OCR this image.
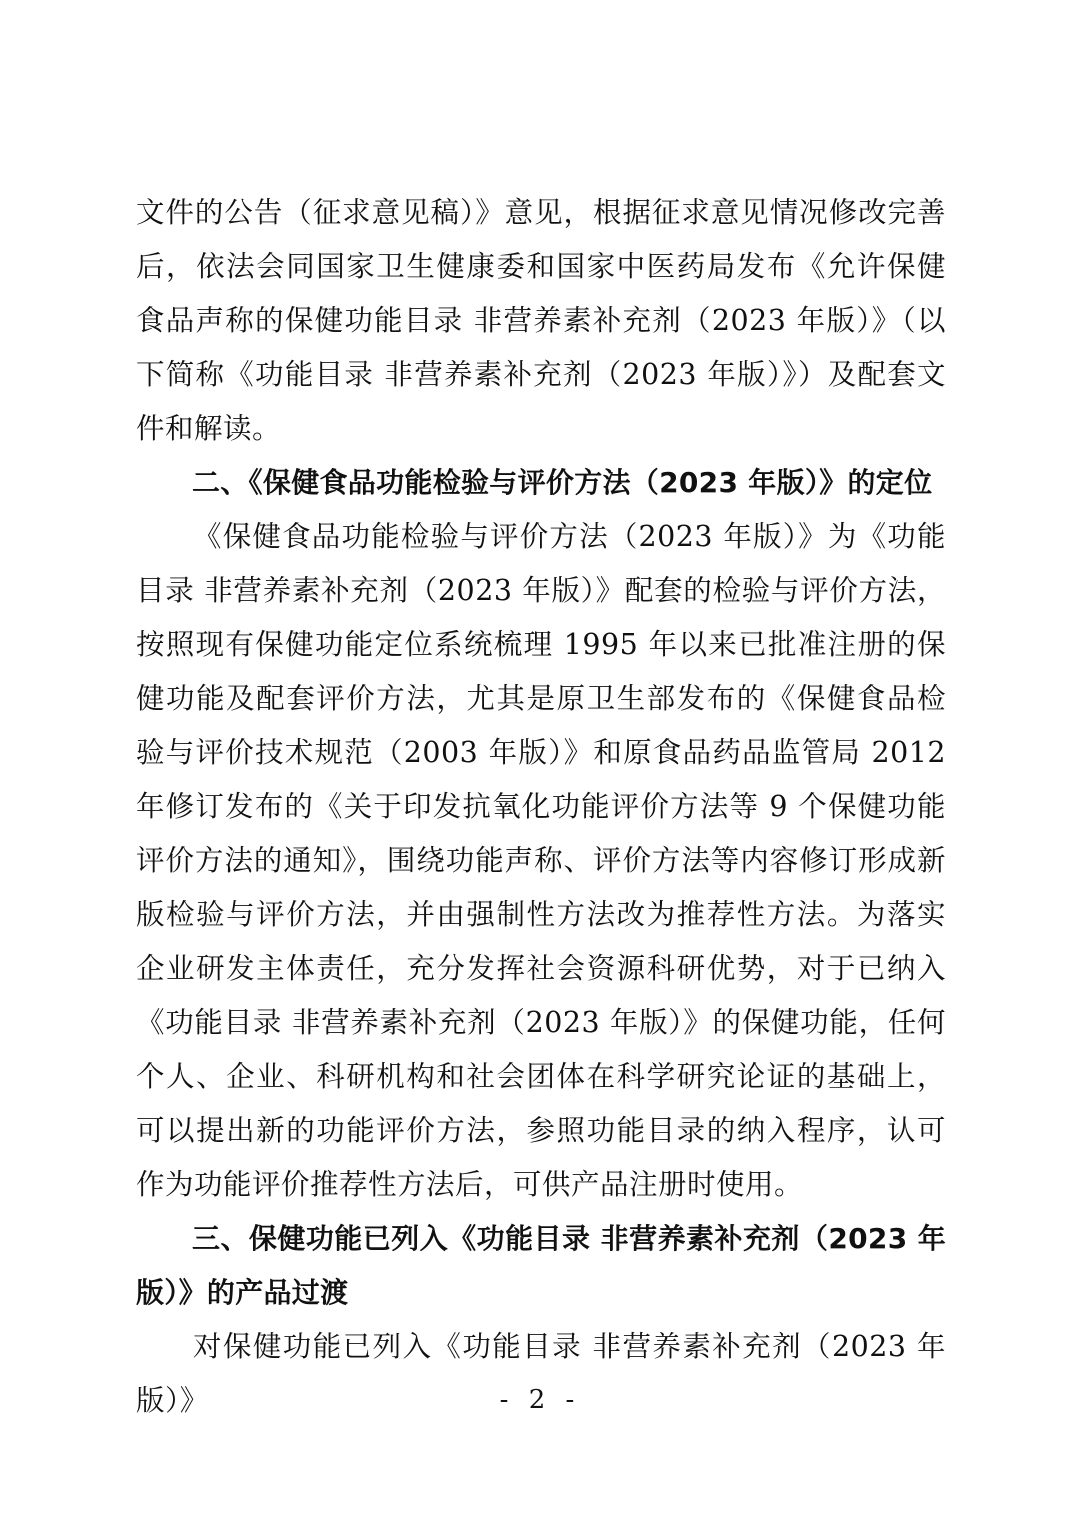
文件的公告（征求意见稿）》意见，根据征求意见情况修改完善后，依法会同国家卫生健康委和国家中医药局发布《允许保健食品声称的保健功能目录 非营养素补充剂（2023 年版）》（以下简称《功能目录 非营养素补充剂（2023 年版）》）及配套文件和解读。

二、《保健食品功能检验与评价方法（2023 年版）》的定位

《保健食品功能检验与评价方法（2023 年版）》为《功能目录 非营养素补充剂（2023 年版）》配套的检验与评价方法，按照现有保健功能定位系统梳理 1995 年以来已批准注册的保健功能及配套评价方法，尤其是原卫生部发布的《保健食品检验与评价技术规范（2003 年版）》和原食品药品监管局 2012 年修订发布的《关于印发抗氧化功能评价方法等 9 个保健功能评价方法的通知》，围绕功能声称、评价方法等内容修订形成新版检验与评价方法，并由强制性方法改为推荐性方法。为落实企业研发主体责任，充分发挥社会资源科研优势，对于已纳入《功能目录 非营养素补充剂（2023 年版）》的保健功能，任何个人、企业、科研机构和社会团体在科学研究论证的基础上，可以提出新的功能评价方法，参照功能目录的纳入程序，认可作为功能评价推荐性方法后，可供产品注册时使用。

三、保健功能已列入《功能目录 非营养素补充剂（2023 年版）》的产品过渡

对保健功能已列入《功能目录 非营养素补充剂（2023 年版）》	- 2 -
